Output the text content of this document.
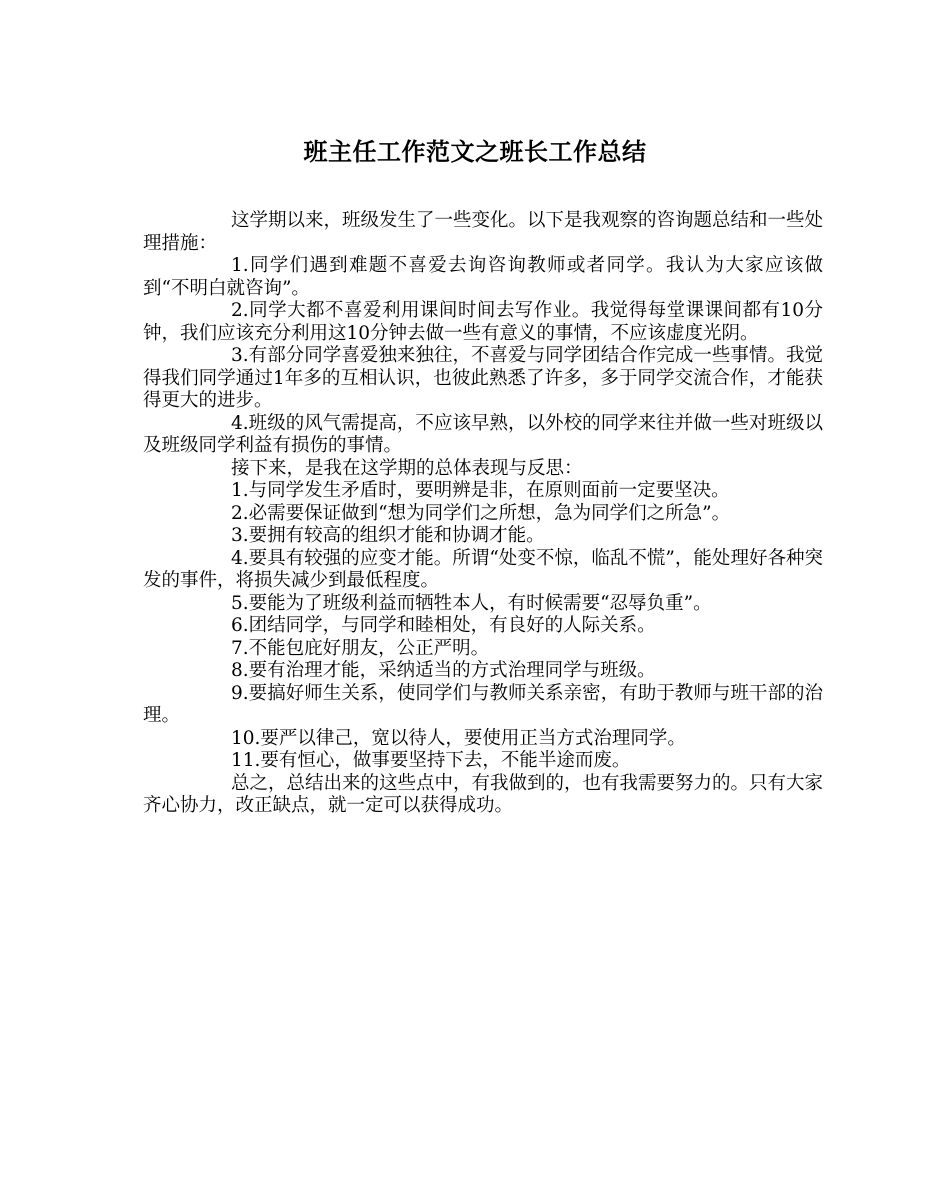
班主任工作范文之班长工作总结

这学期以来，班级发生了一些变化。以下是我观察的咨询题总结和一些处理措施：

1.同学们遇到难题不喜爱去询咨询教师或者同学。我认为大家应该做到“不明白就咨询”。

2.同学大都不喜爱利用课间时间去写作业。我觉得每堂课课间都有10分钟，我们应该充分利用这10分钟去做一些有意义的事情，不应该虚度光阴。

3.有部分同学喜爱独来独往，不喜爱与同学团结合作完成一些事情。我觉得我们同学通过1年多的互相认识，也彼此熟悉了许多，多于同学交流合作，才能获得更大的进步。

4.班级的风气需提高，不应该早熟，以外校的同学来往并做一些对班级以及班级同学利益有损伤的事情。

接下来，是我在这学期的总体表现与反思：

1.与同学发生矛盾时，要明辨是非，在原则面前一定要坚决。

2.必需要保证做到“想为同学们之所想，急为同学们之所急”。

3.要拥有较高的组织才能和协调才能。

4.要具有较强的应变才能。所谓“处变不惊，临乱不慌”，能处理好各种突发的事件，将损失减少到最低程度。

5.要能为了班级利益而牺牲本人，有时候需要“忍辱负重”。

6.团结同学，与同学和睦相处，有良好的人际关系。

7.不能包庇好朋友，公正严明。

8.要有治理才能，采纳适当的方式治理同学与班级。

9.要搞好师生关系，使同学们与教师关系亲密，有助于教师与班干部的治理。

10.要严以律己，宽以待人，要使用正当方式治理同学。

11.要有恒心，做事要坚持下去，不能半途而废。

总之，总结出来的这些点中，有我做到的，也有我需要努力的。只有大家齐心协力，改正缺点，就一定可以获得成功。
